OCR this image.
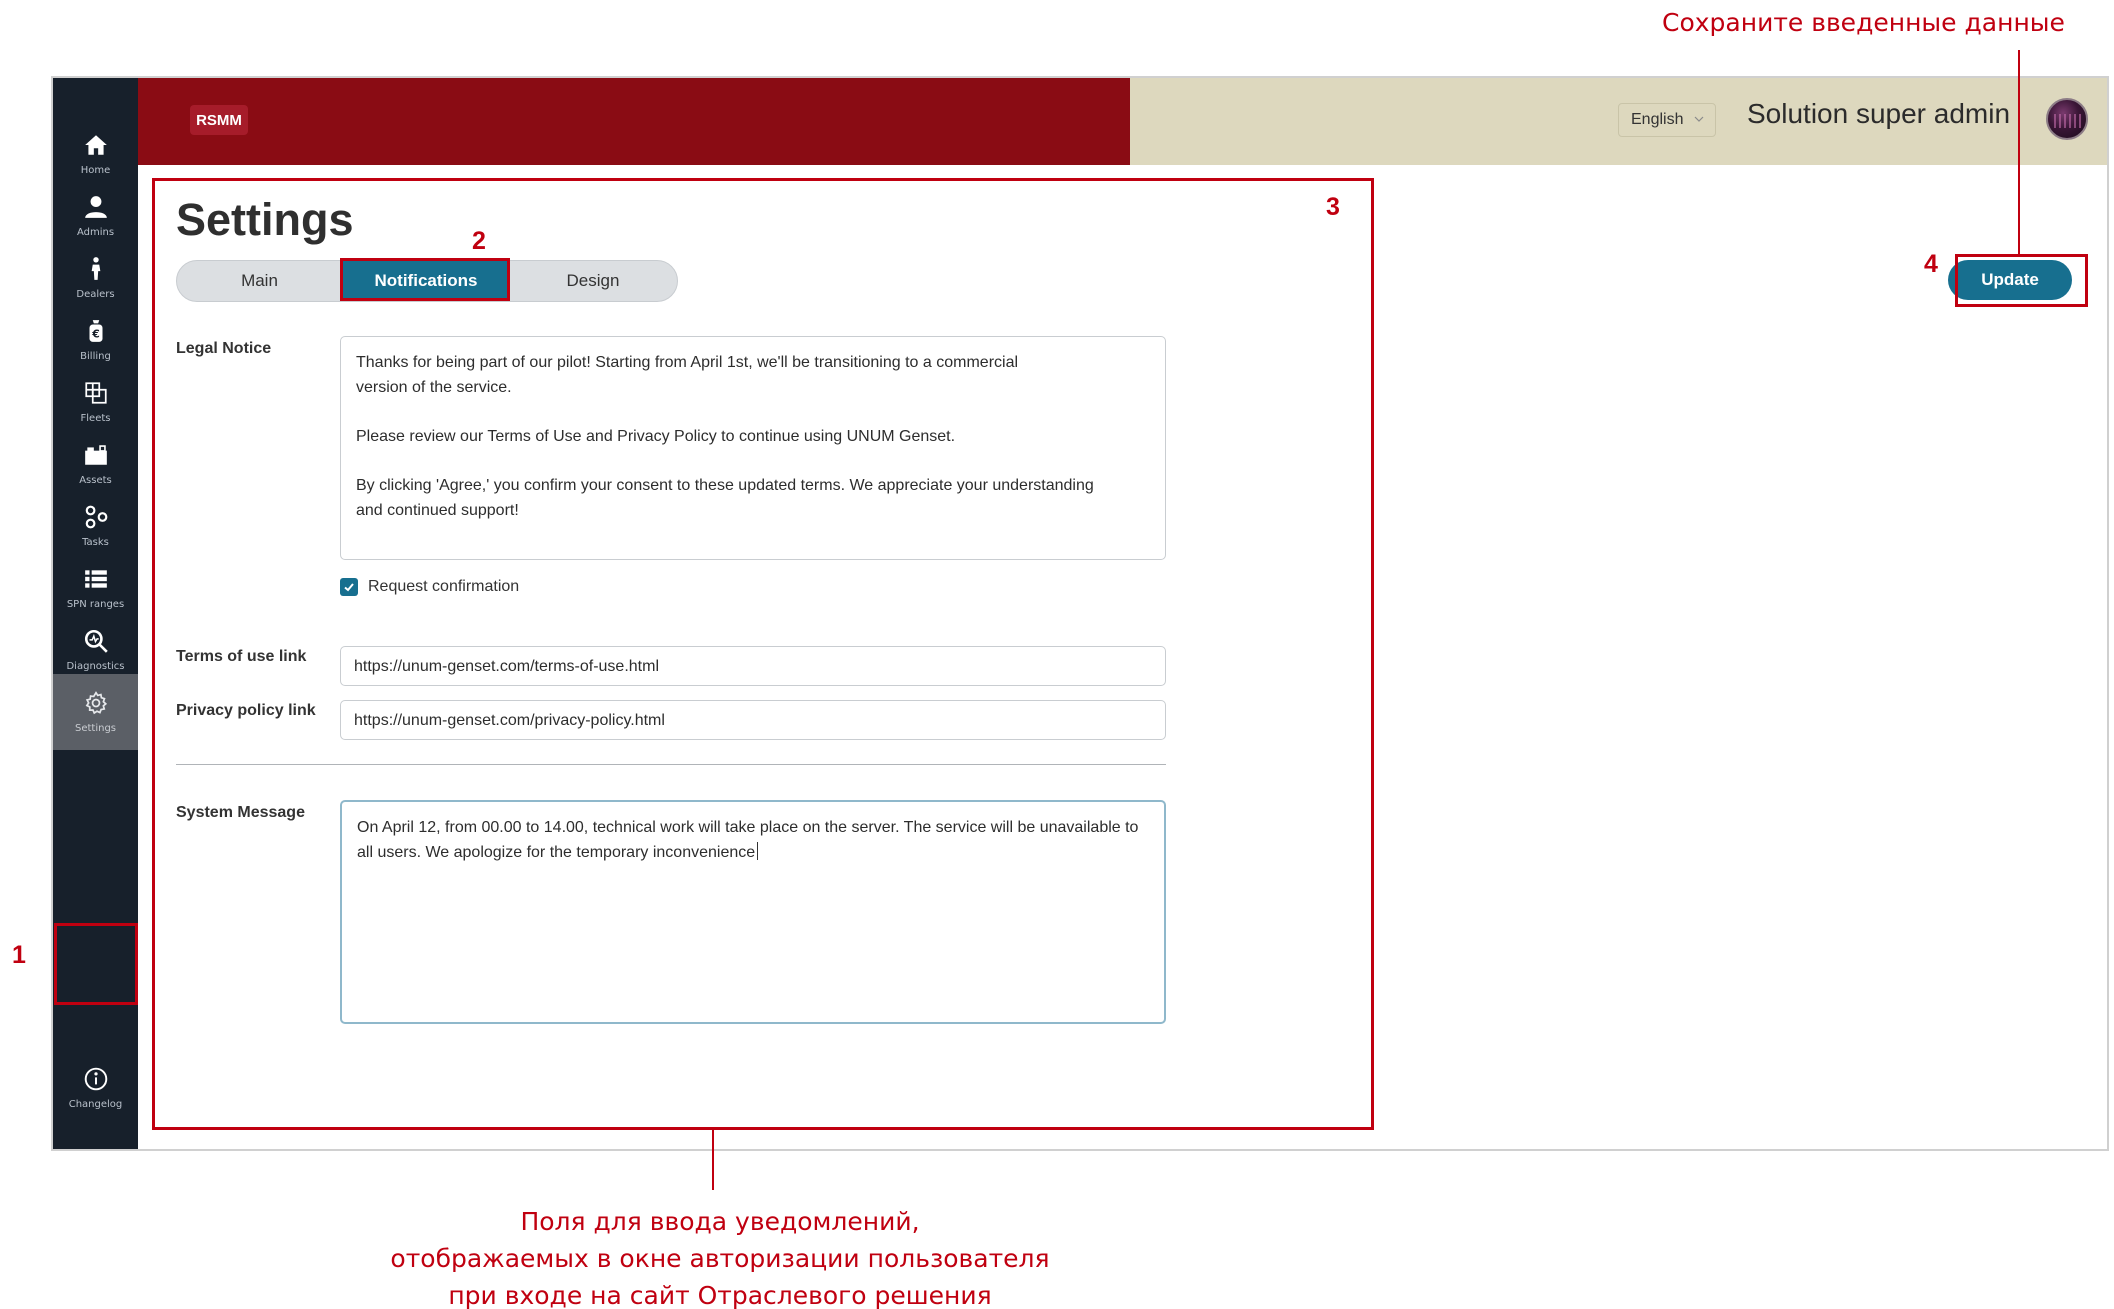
Home
Admins
Dealers
€
Billing
Fleets
Assets
Tasks
SPN ranges
Diagnostics
Settings
Changelog
RSMM	English Solution super admin
Settings
Main	Notifications	Design
Legal Notice

Thanks for being part of our pilot! Starting from April 1st, we'll be transitioning to a commercial

version of the service.

Please review our Terms of Use and Privacy Policy to continue using UNUM Genset.

By clicking 'Agree,' you confirm your consent to these updated terms. We appreciate your understanding

and continued support!

Request confirmation
Terms of use link
https://unum-genset.com/terms-of-use.html
Privacy policy link
https://unum-genset.com/privacy-policy.html
System Message

On April 12, from 00.00 to 14.00, technical work will take place on the server. The service will be unavailable to

all users. We apologize for the temporary inconvenience

Update
1
2
3
4
Сохраните введенные данные
Поля для ввода уведомлений,
отображаемых в окне авторизации пользователя
при входе на сайт Отраслевого решения
